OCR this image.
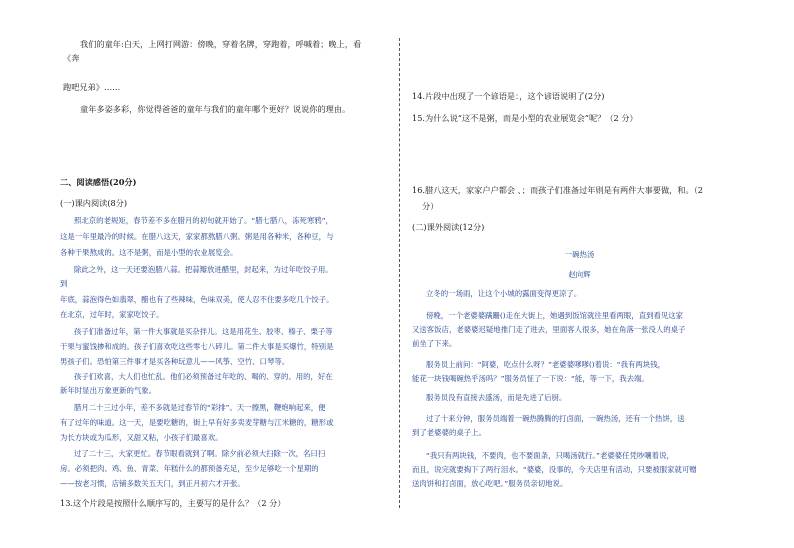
我们的童年:白天，上网打网游：傍晚，穿着名牌，穿跑着，呼喊着；晚上，看
《奔
跑吧兄弟》……
童年多姿多彩，你觉得爸爸的童年与我们的童年哪个更好？说说你的理由。
二、阅读感悟(20分)
(一)课内阅读(8分)
照北京的老规矩，春节差不多在腊月的初旬就开始了。“腊七腊八，冻死寒鸦”，
这是一年里最冷的时候。在腊八这天，家家都熬腊八粥。粥是用各种米，各种豆，与
各种干果熬成的。这不是粥，而是小型的农业展览会。
除此之外，这一天还要泡腊八蒜。把蒜瓣放进醋里，封起来，为过年吃饺子用。
到
年底，蒜泡得色如翡翠，醋也有了些辣味，色味双美，使人忍不住要多吃几个饺子。
在北京，过年时，家家吃饺子。
孩子们准备过年，第一件大事就是买杂拌儿。这是用花生、胶枣、榛子、栗子等
干果与蜜饯掺和成的。孩子们喜欢吃这些零七八碎儿。第二件大事是买爆竹，特别是
男孩子们。恐怕第三件事才是买各种玩意儿——风筝、空竹、口琴等。
孩子们欢喜，大人们也忙乱。他们必须预备过年吃的、喝的、穿的、用的，好在
新年时显出万象更新的气象。
腊月二十三过小年，差不多就是过春节的“彩排”。天一擦黑，鞭炮响起来，便
有了过年的味道。这一天，是要吃糖的，街上早有好多卖麦芽糖与江米糖的，糖形或
为长方块或为瓜形，又甜又粘，小孩子们最喜欢。
过了二十三，大家更忙。春节眼看就到了啊。除夕前必须大扫除一次，名曰扫
房。必须把肉、鸡、鱼、青菜、年糕什么的都预备充足，至少足够吃一个星期的
——按老习惯，店铺多数关五天门，到正月初六才开张。
13.这个片段是按照什么顺序写的，主要写的是什么？（2 分）
14.片段中出现了一个谚语是：，这个谚语说明了(2分)
15.为什么说“这不是粥，而是小型的农业展览会”呢？（2 分）
16.腊八这天，家家户户都会 、；而孩子们准备过年则是有两件大事要做，和。（2
分）
(二)课外阅读(12分)
一碗热汤
赵向辉
立冬的一场雨，让这个小城的露面变得更凉了。
傍晚，一个老婆婆蹒跚()走在大街上，她遇到饭馆就往里看两眼，直到看见这家
又送客饭店，老婆婆迟疑地推门走了进去，里面客人很多，她在角落一张没人的桌子
前坐了下来。
服务员上前问：“阿婆，吃点什么呀？”老婆婆嗲嗲()着说：“我有两块钱，
能花一块钱喝碗热乎汤吗？”服务员怔了一下说：“能，等一下，我去端。
服务员没有直接去盛汤，而是先进了后厨。
过了十来分钟，服务员端着一碗热腾腾的打卤面，一碗热汤，还有一个热饼，送
到了老婆婆的桌子上。
“我只有两块钱，不要肉，也不要面条，只喝汤就行。”老婆婆任凭吵嚷着说，
而且，说完就要掏下了两行泪水。“婆婆，没事的，今天店里有活动，只要被服家就可赠
送肉饼和打卤面，放心吃吧。”服务员亲切地说。
